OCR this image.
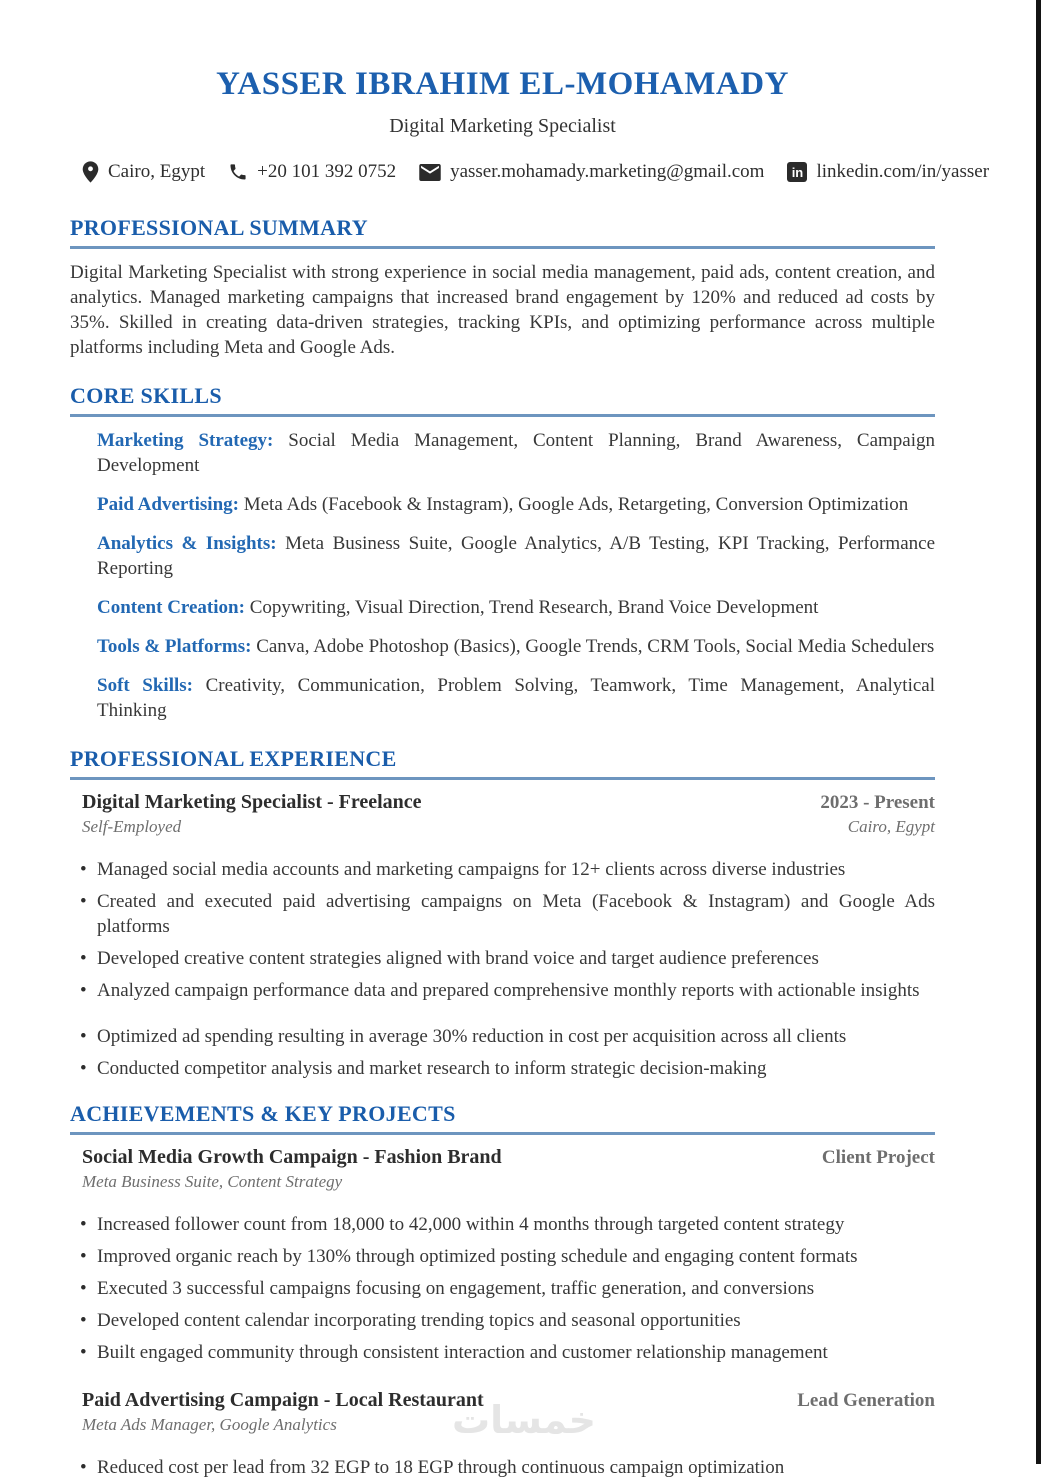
YASSER IBRAHIM EL-MOHAMADY
Digital Marketing Specialist
Cairo, Egypt	+20 101 392 0752	yasser.mohamady.marketing@gmail.com	in linkedin.com/in/yasser
PROFESSIONAL SUMMARY

Digital Marketing Specialist with strong experience in social media management, paid ads, content creation, and analytics. Managed marketing campaigns that increased brand engagement by 120% and reduced ad costs by 35%. Skilled in creating data-driven strategies, tracking KPIs, and optimizing performance across multiple platforms including Meta and Google Ads.

CORE SKILLS
Marketing Strategy: Social Media Management, Content Planning, Brand Awareness, Campaign Development
Paid Advertising: Meta Ads (Facebook & Instagram), Google Ads, Retargeting, Conversion Optimization
Analytics & Insights: Meta Business Suite, Google Analytics, A/B Testing, KPI Tracking, Performance Reporting
Content Creation: Copywriting, Visual Direction, Trend Research, Brand Voice Development
Tools & Platforms: Canva, Adobe Photoshop (Basics), Google Trends, CRM Tools, Social Media Schedulers
Soft Skills: Creativity, Communication, Problem Solving, Teamwork, Time Management, Analytical Thinking
PROFESSIONAL EXPERIENCE
Digital Marketing Specialist - Freelance	2023 - Present
Self-Employed	Cairo, Egypt
• Managed social media accounts and marketing campaigns for 12+ clients across diverse industries
• Created and executed paid advertising campaigns on Meta (Facebook & Instagram) and Google Ads platforms
• Developed creative content strategies aligned with brand voice and target audience preferences
• Analyzed campaign performance data and prepared comprehensive monthly reports with actionable insights
• Optimized ad spending resulting in average 30% reduction in cost per acquisition across all clients
• Conducted competitor analysis and market research to inform strategic decision-making
ACHIEVEMENTS & KEY PROJECTS
Social Media Growth Campaign - Fashion Brand	Client Project
Meta Business Suite, Content Strategy
• Increased follower count from 18,000 to 42,000 within 4 months through targeted content strategy
• Improved organic reach by 130% through optimized posting schedule and engaging content formats
• Executed 3 successful campaigns focusing on engagement, traffic generation, and conversions
• Developed content calendar incorporating trending topics and seasonal opportunities
• Built engaged community through consistent interaction and customer relationship management
Paid Advertising Campaign - Local Restaurant	Lead Generation
Meta Ads Manager, Google Analytics
• Reduced cost per lead from 32 EGP to 18 EGP through continuous campaign optimization
خمسات
